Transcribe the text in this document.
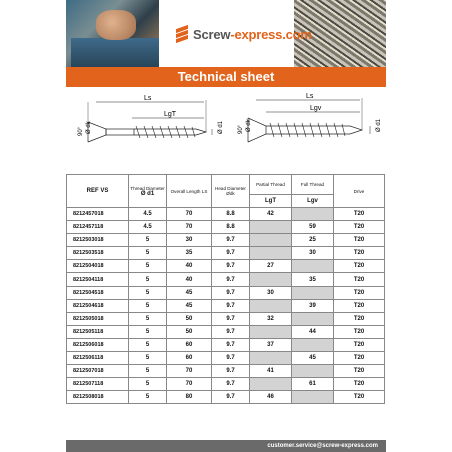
Screw-express.com
Technical sheet
Ls
LgT
90° Ø dk	Ø d1
Ls
Lgv
90° Ø dk	Ø d1
REF VS	Thread Diameter
Ø d1	Overall Length LS	Head Diameter Ødk	Partial Thread	Full Thread	Drive
				LgT	Lgv	
8212457018	4.5	70	8.8	42		T20
8212457118	4.5	70	8.8		59	T20
8212503018	5	30	9.7		25	T20
8212503518	5	35	9.7		30	T20
8212504018	5	40	9.7	27		T20
8212504118	5	40	9.7		35	T20
8212504518	5	45	9.7	30		T20
8212504618	5	45	9.7		39	T20
8212505018	5	50	9.7	32		T20
8212505118	5	50	9.7		44	T20
8212506018	5	60	9.7	37		T20
8212506118	5	60	9.7		45	T20
8212507018	5	70	9.7	41		T20
8212507118	5	70	9.7		61	T20
8212508018	5	80	9.7	46		T20
customer.service@screw-express.com
